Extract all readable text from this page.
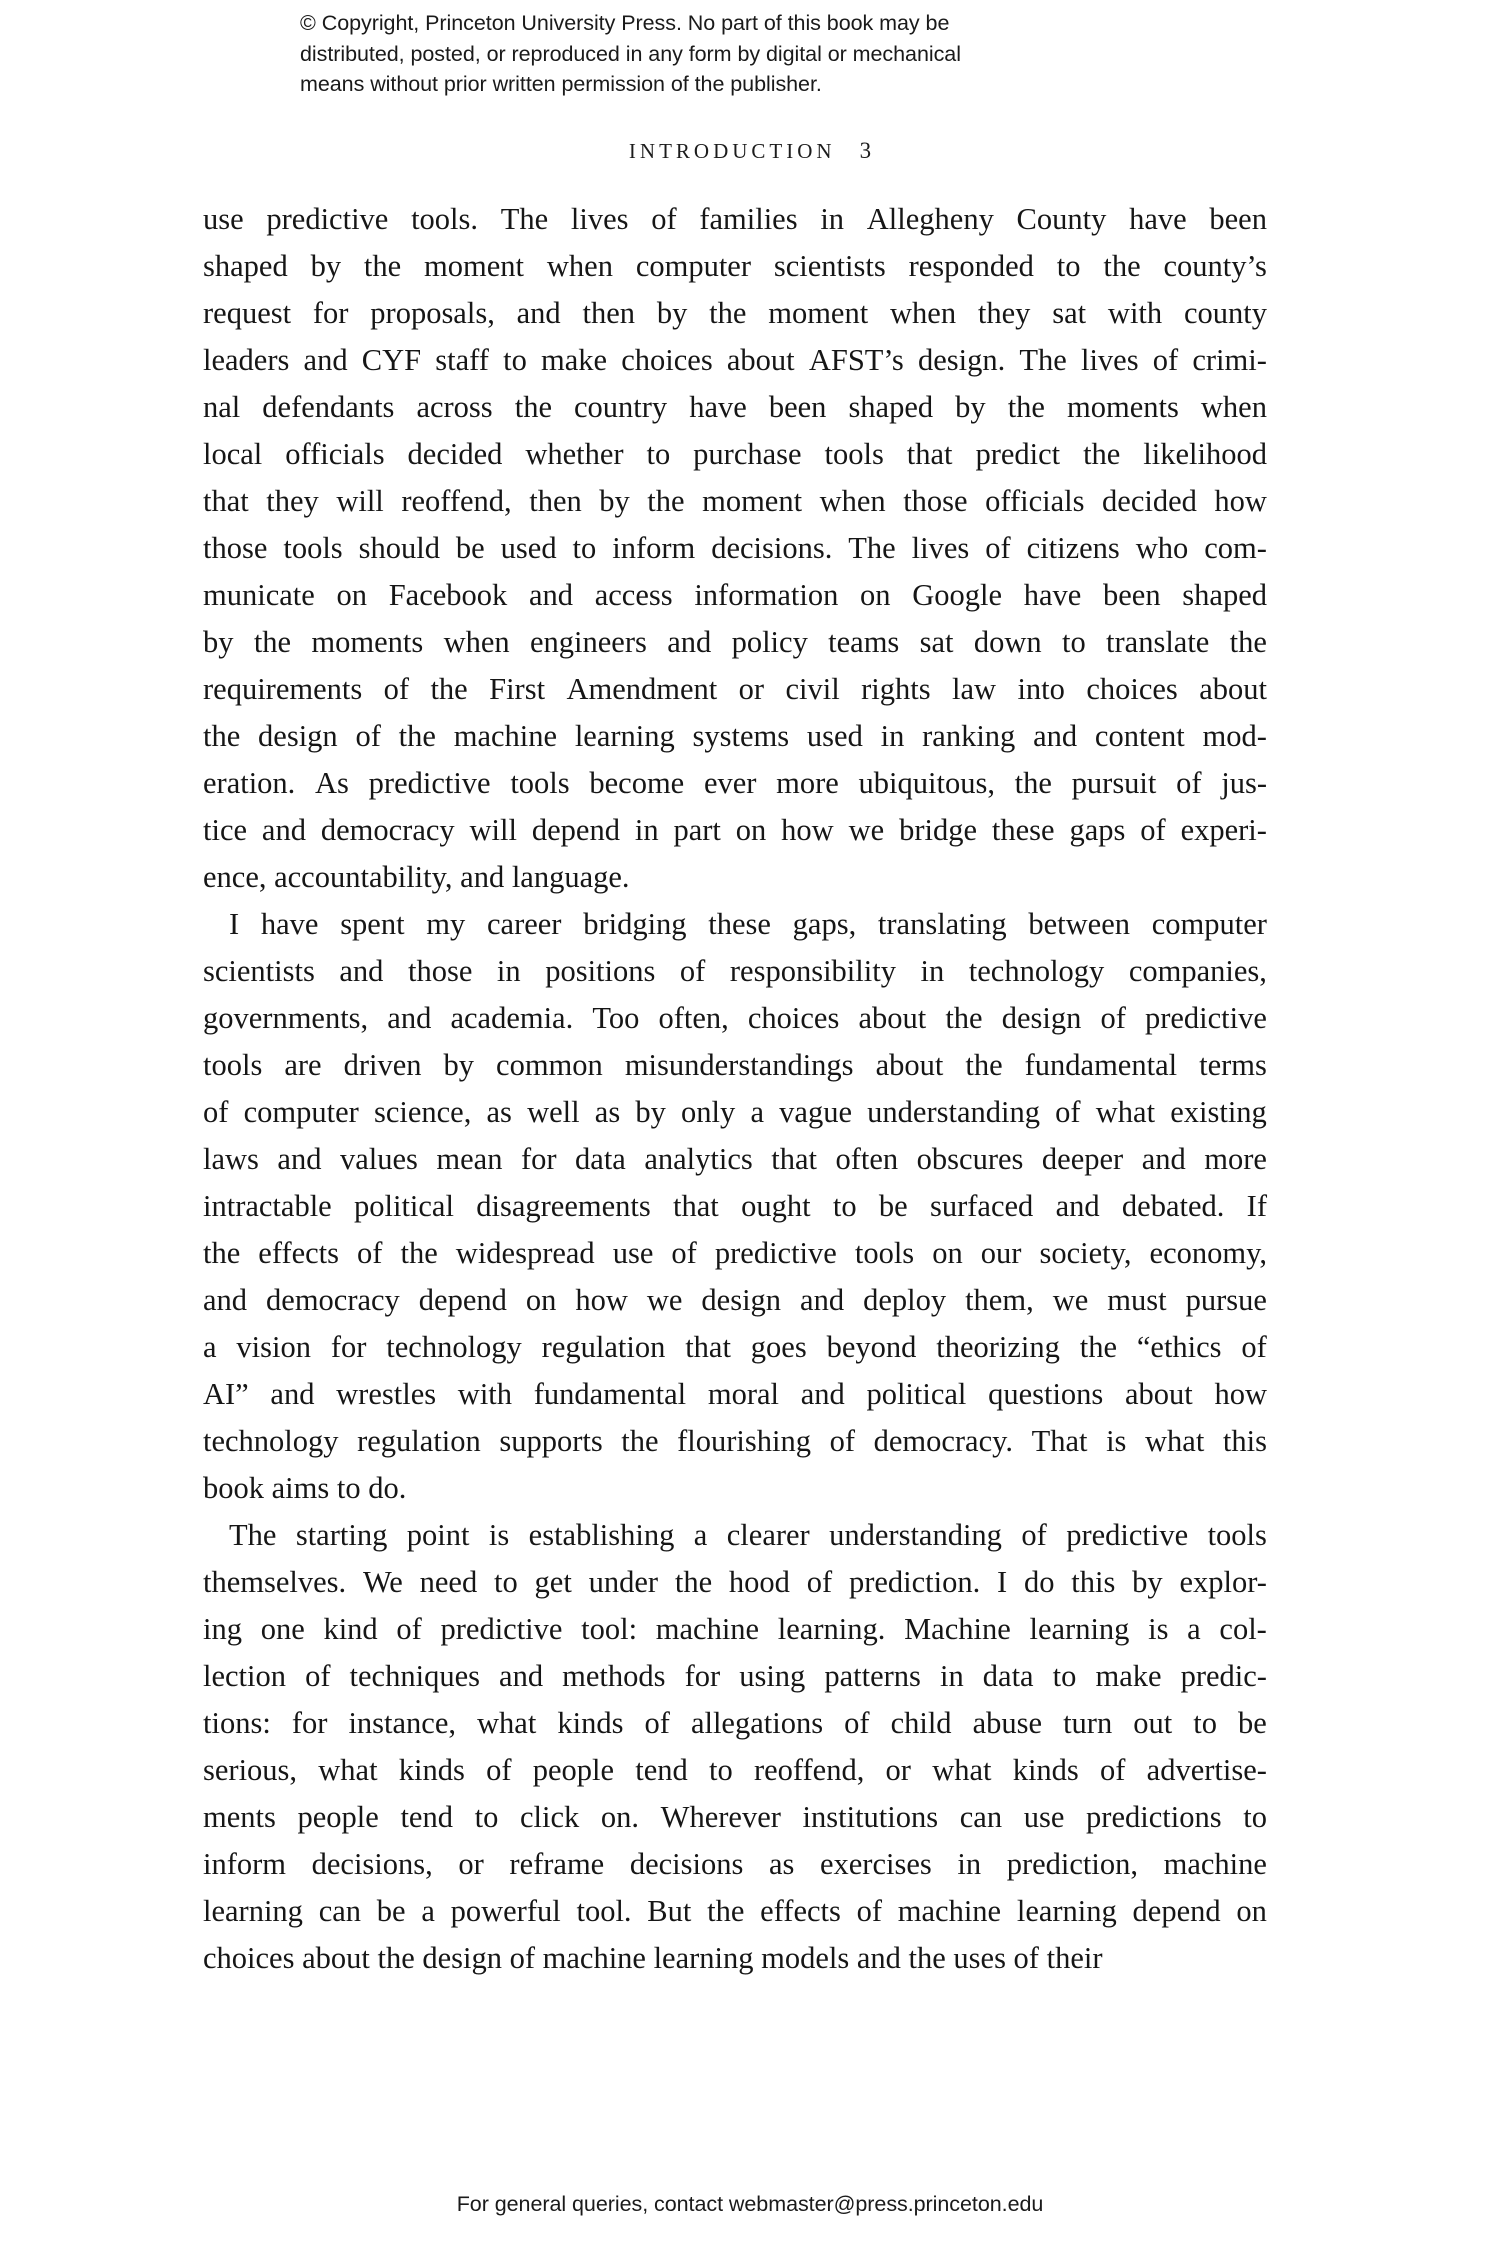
© Copyright, Princeton University Press. No part of this book may be
distributed, posted, or reproduced in any form by digital or mechanical
means without prior written permission of the publisher.
INTRODUCTION 3

use predictive tools. The lives of families in Allegheny County have been
shaped by the moment when computer scientists responded to the county’s
request for proposals, and then by the moment when they sat with county
leaders and CYF staff to make choices about AFST’s design. The lives of crimi-
nal defendants across the country have been shaped by the moments when
local officials decided whether to purchase tools that predict the likelihood
that they will reoffend, then by the moment when those officials decided how
those tools should be used to inform decisions. The lives of citizens who com-
municate on Facebook and access information on Google have been shaped
by the moments when engineers and policy teams sat down to translate the
requirements of the First Amendment or civil rights law into choices about
the design of the machine learning systems used in ranking and content mod-
eration. As predictive tools become ever more ubiquitous, the pursuit of jus-
tice and democracy will depend in part on how we bridge these gaps of experi-
ence, accountability, and language.

I have spent my career bridging these gaps, translating between computer
scientists and those in positions of responsibility in technology companies,
governments, and academia. Too often, choices about the design of predictive
tools are driven by common misunderstandings about the fundamental terms
of computer science, as well as by only a vague understanding of what existing
laws and values mean for data analytics that often obscures deeper and more
intractable political disagreements that ought to be surfaced and debated. If
the effects of the widespread use of predictive tools on our society, economy,
and democracy depend on how we design and deploy them, we must pursue
a vision for technology regulation that goes beyond theorizing the “ethics of
AI” and wrestles with fundamental moral and political questions about how
technology regulation supports the flourishing of democracy. That is what this
book aims to do.

The starting point is establishing a clearer understanding of predictive tools
themselves. We need to get under the hood of prediction. I do this by explor-
ing one kind of predictive tool: machine learning. Machine learning is a col-
lection of techniques and methods for using patterns in data to make predic-
tions: for instance, what kinds of allegations of child abuse turn out to be
serious, what kinds of people tend to reoffend, or what kinds of advertise-
ments people tend to click on. Wherever institutions can use predictions to
inform decisions, or reframe decisions as exercises in prediction, machine
learning can be a powerful tool. But the effects of machine learning depend on
choices about the design of machine learning models and the uses of their

For general queries, contact webmaster@press.princeton.edu
